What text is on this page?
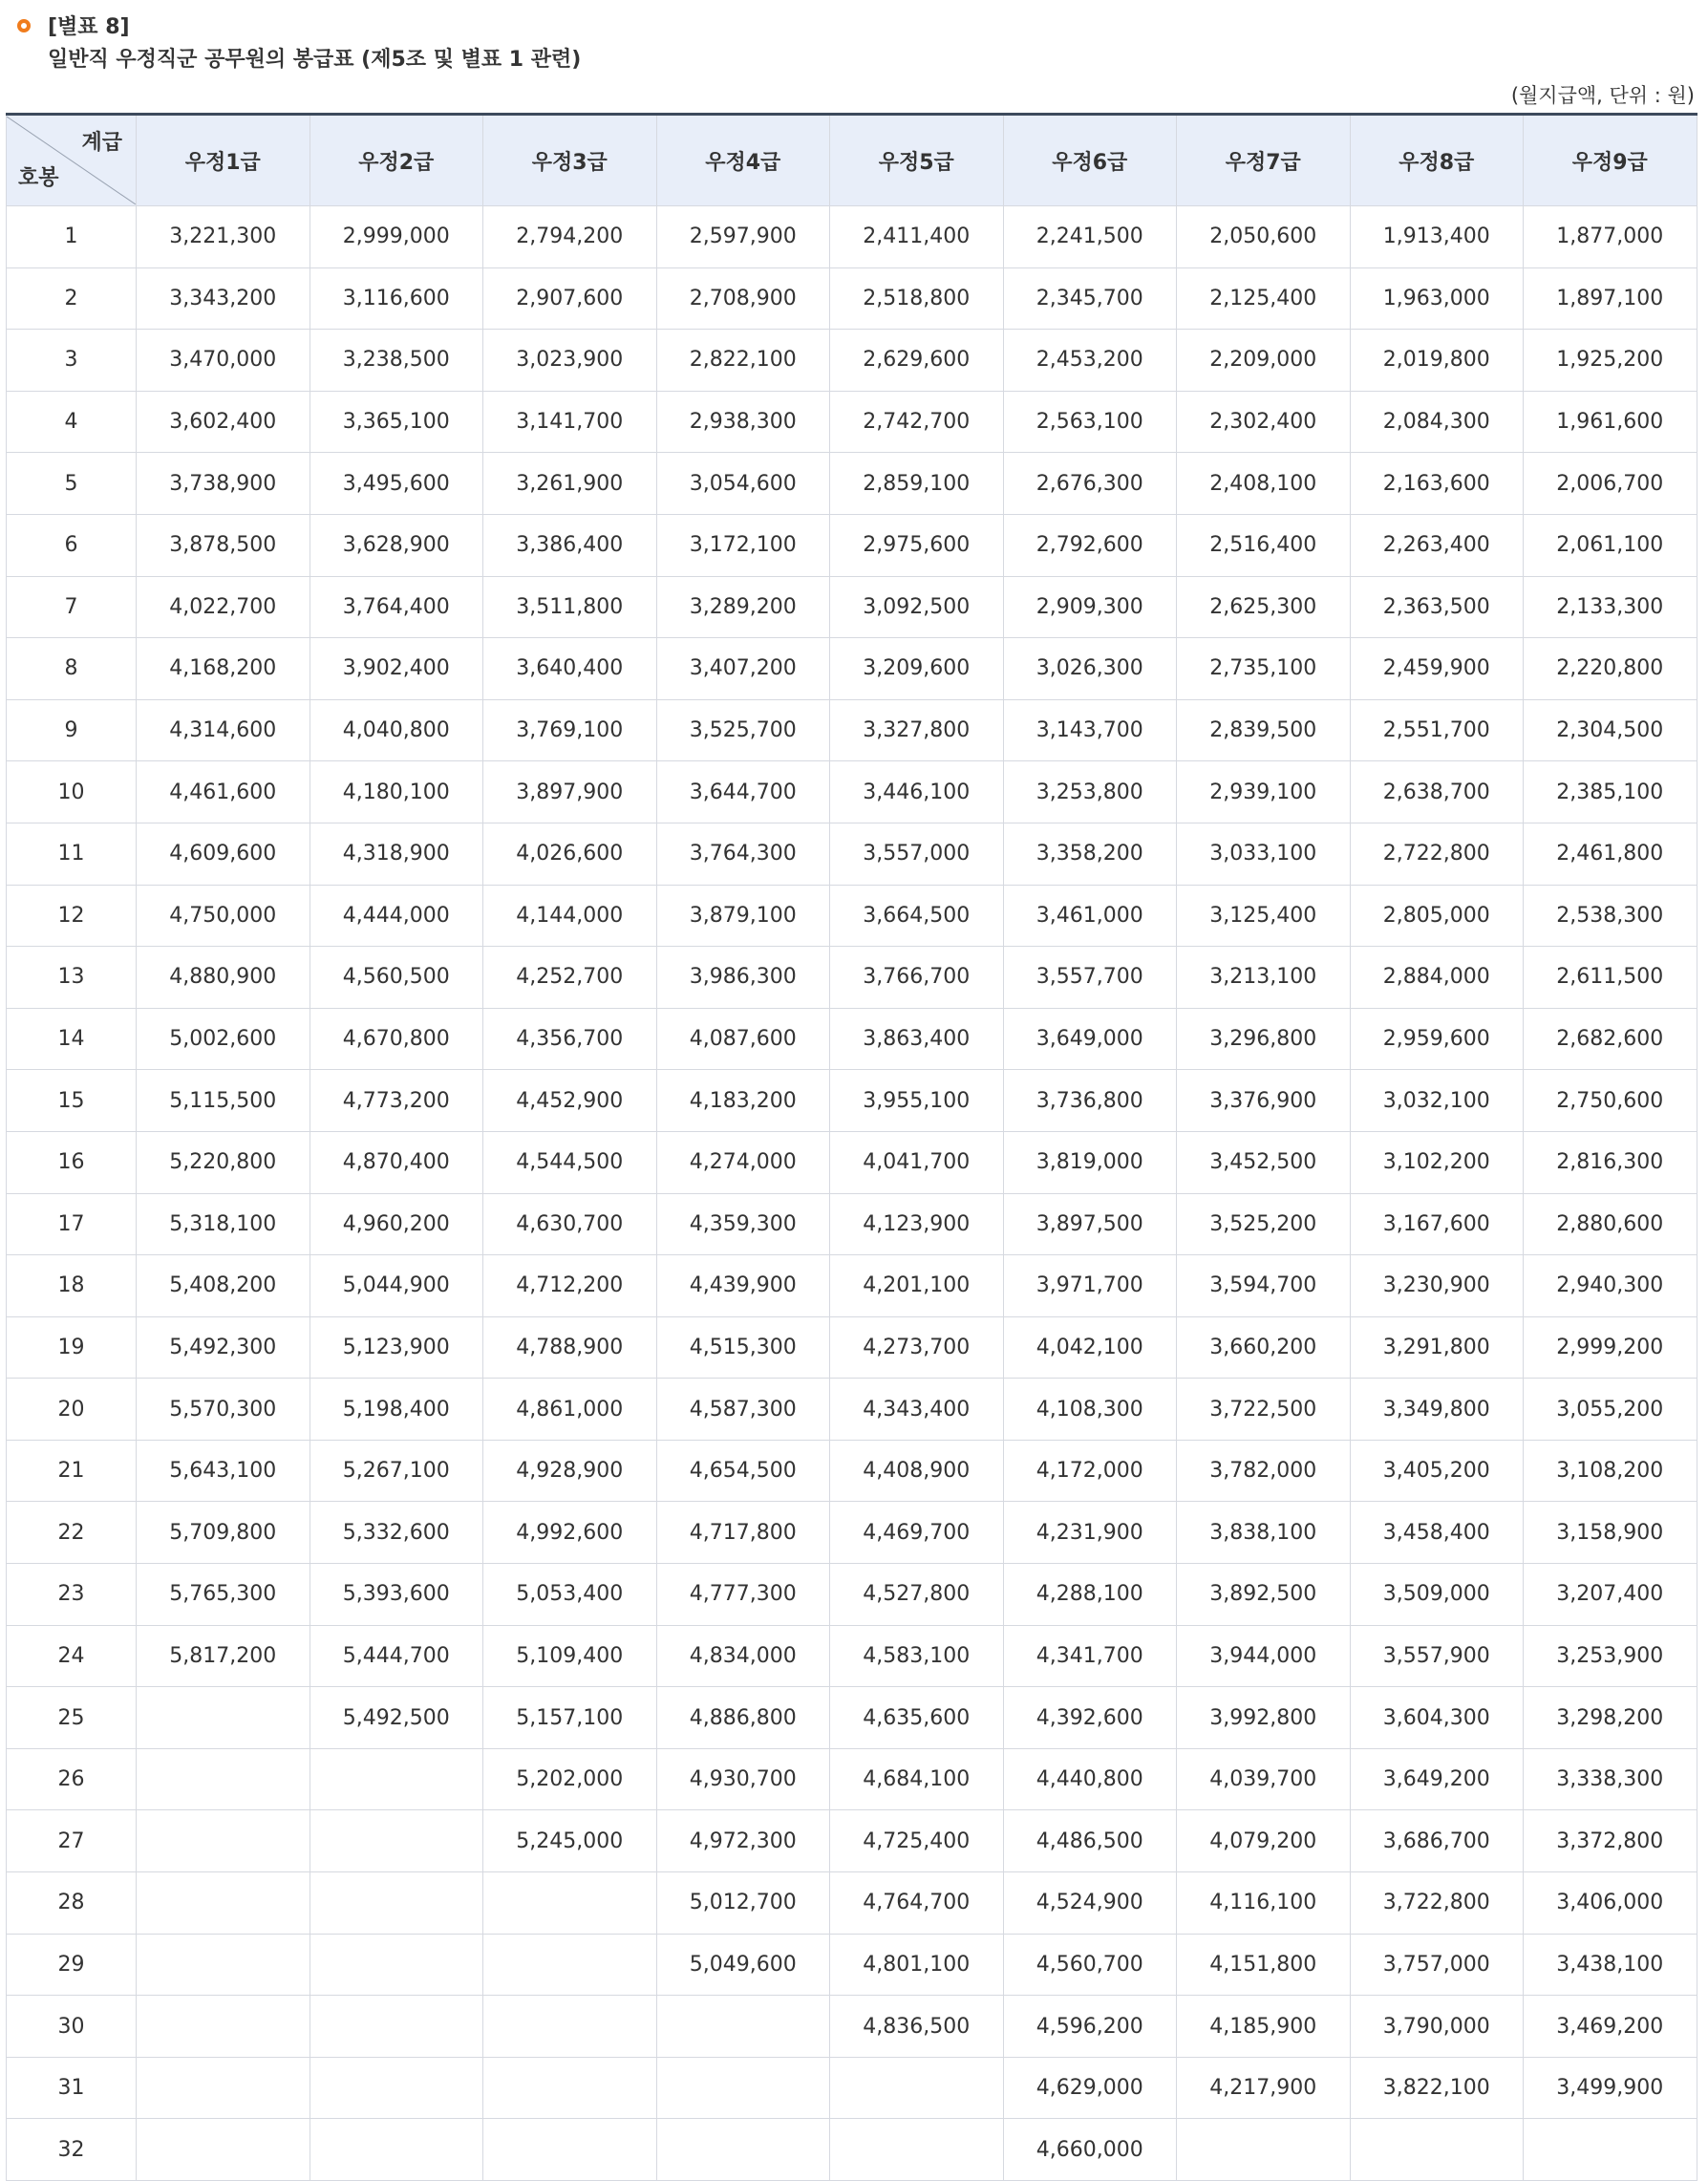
[별표 8]
일반직 우정직군 공무원의 봉급표 (제5조 및 별표 1 관련)
(월지급액, 단위 : 원)
계급
호봉	우정1급	우정2급	우정3급	우정4급	우정5급	우정6급	우정7급	우정8급	우정9급
1	3,221,300	2,999,000	2,794,200	2,597,900	2,411,400	2,241,500	2,050,600	1,913,400	1,877,000
2	3,343,200	3,116,600	2,907,600	2,708,900	2,518,800	2,345,700	2,125,400	1,963,000	1,897,100
3	3,470,000	3,238,500	3,023,900	2,822,100	2,629,600	2,453,200	2,209,000	2,019,800	1,925,200
4	3,602,400	3,365,100	3,141,700	2,938,300	2,742,700	2,563,100	2,302,400	2,084,300	1,961,600
5	3,738,900	3,495,600	3,261,900	3,054,600	2,859,100	2,676,300	2,408,100	2,163,600	2,006,700
6	3,878,500	3,628,900	3,386,400	3,172,100	2,975,600	2,792,600	2,516,400	2,263,400	2,061,100
7	4,022,700	3,764,400	3,511,800	3,289,200	3,092,500	2,909,300	2,625,300	2,363,500	2,133,300
8	4,168,200	3,902,400	3,640,400	3,407,200	3,209,600	3,026,300	2,735,100	2,459,900	2,220,800
9	4,314,600	4,040,800	3,769,100	3,525,700	3,327,800	3,143,700	2,839,500	2,551,700	2,304,500
10	4,461,600	4,180,100	3,897,900	3,644,700	3,446,100	3,253,800	2,939,100	2,638,700	2,385,100
11	4,609,600	4,318,900	4,026,600	3,764,300	3,557,000	3,358,200	3,033,100	2,722,800	2,461,800
12	4,750,000	4,444,000	4,144,000	3,879,100	3,664,500	3,461,000	3,125,400	2,805,000	2,538,300
13	4,880,900	4,560,500	4,252,700	3,986,300	3,766,700	3,557,700	3,213,100	2,884,000	2,611,500
14	5,002,600	4,670,800	4,356,700	4,087,600	3,863,400	3,649,000	3,296,800	2,959,600	2,682,600
15	5,115,500	4,773,200	4,452,900	4,183,200	3,955,100	3,736,800	3,376,900	3,032,100	2,750,600
16	5,220,800	4,870,400	4,544,500	4,274,000	4,041,700	3,819,000	3,452,500	3,102,200	2,816,300
17	5,318,100	4,960,200	4,630,700	4,359,300	4,123,900	3,897,500	3,525,200	3,167,600	2,880,600
18	5,408,200	5,044,900	4,712,200	4,439,900	4,201,100	3,971,700	3,594,700	3,230,900	2,940,300
19	5,492,300	5,123,900	4,788,900	4,515,300	4,273,700	4,042,100	3,660,200	3,291,800	2,999,200
20	5,570,300	5,198,400	4,861,000	4,587,300	4,343,400	4,108,300	3,722,500	3,349,800	3,055,200
21	5,643,100	5,267,100	4,928,900	4,654,500	4,408,900	4,172,000	3,782,000	3,405,200	3,108,200
22	5,709,800	5,332,600	4,992,600	4,717,800	4,469,700	4,231,900	3,838,100	3,458,400	3,158,900
23	5,765,300	5,393,600	5,053,400	4,777,300	4,527,800	4,288,100	3,892,500	3,509,000	3,207,400
24	5,817,200	5,444,700	5,109,400	4,834,000	4,583,100	4,341,700	3,944,000	3,557,900	3,253,900
25		5,492,500	5,157,100	4,886,800	4,635,600	4,392,600	3,992,800	3,604,300	3,298,200
26			5,202,000	4,930,700	4,684,100	4,440,800	4,039,700	3,649,200	3,338,300
27			5,245,000	4,972,300	4,725,400	4,486,500	4,079,200	3,686,700	3,372,800
28				5,012,700	4,764,700	4,524,900	4,116,100	3,722,800	3,406,000
29				5,049,600	4,801,100	4,560,700	4,151,800	3,757,000	3,438,100
30					4,836,500	4,596,200	4,185,900	3,790,000	3,469,200
31						4,629,000	4,217,900	3,822,100	3,499,900
32						4,660,000			
